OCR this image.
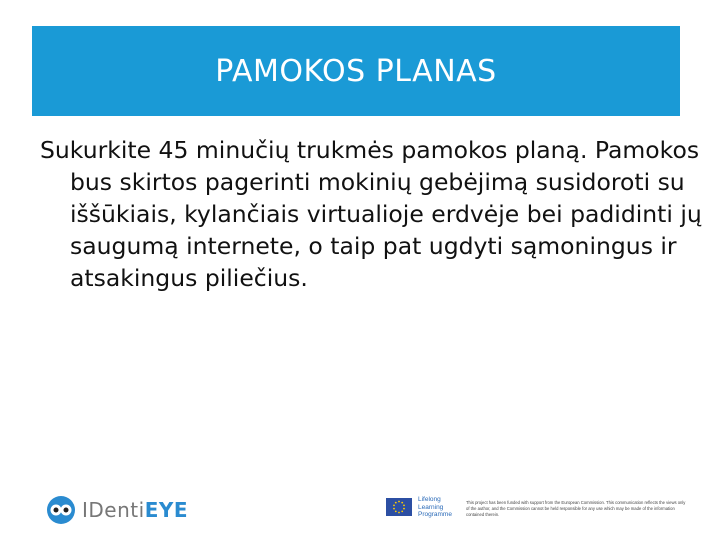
PAMOKOS PLANAS
Sukurkite 45 minučių trukmės pamokos planą. Pamokos bus skirtos pagerinti mokinių gebėjimą susidoroti su iššūkiais, kylančiais virtualioje erdvėje bei padidinti jų saugumą internete, o taip pat ugdyti sąmoningus ir atsakingus piliečius.
IDentiEYE	Lifelong
Learning
Programme
This project has been funded with support from the European Commission. This communication reflects the views only of the author, and the Commission cannot be held responsible for any use which may be made of the information contained therein.
